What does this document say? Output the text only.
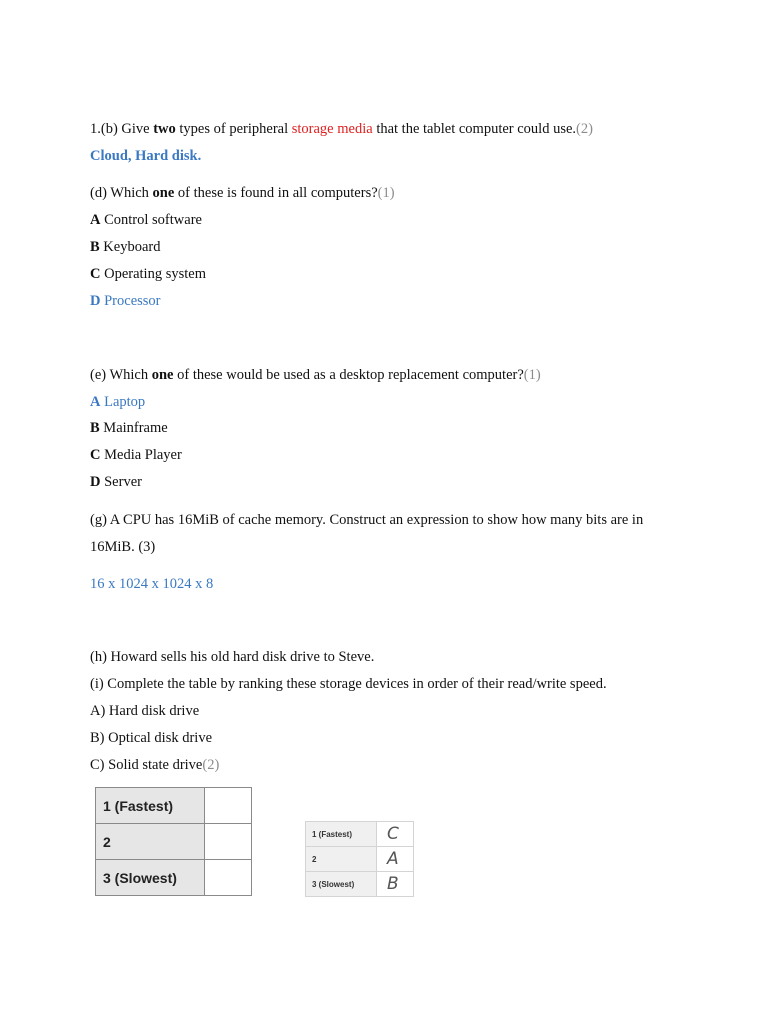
1.(b) Give two types of peripheral storage media that the tablet computer could use.(2)
Cloud, Hard disk.
(d) Which one of these is found in all computers?(1)
A Control software
B Keyboard
C Operating system
D Processor
(e) Which one of these would be used as a desktop replacement computer?(1)
A Laptop
B Mainframe
C Media Player
D Server
(g) A CPU has 16MiB of cache memory. Construct an expression to show how many bits are in
16MiB. (3)
16 x 1024 x 1024 x 8
(h) Howard sells his old hard disk drive to Steve.
(i) Complete the table by ranking these storage devices in order of their read/write speed.
A) Hard disk drive
B) Optical disk drive
C) Solid state drive(2)
1 (Fastest)	
2	
3 (Slowest)	
1 (Fastest)	C
2	A
3 (Slowest)	B
